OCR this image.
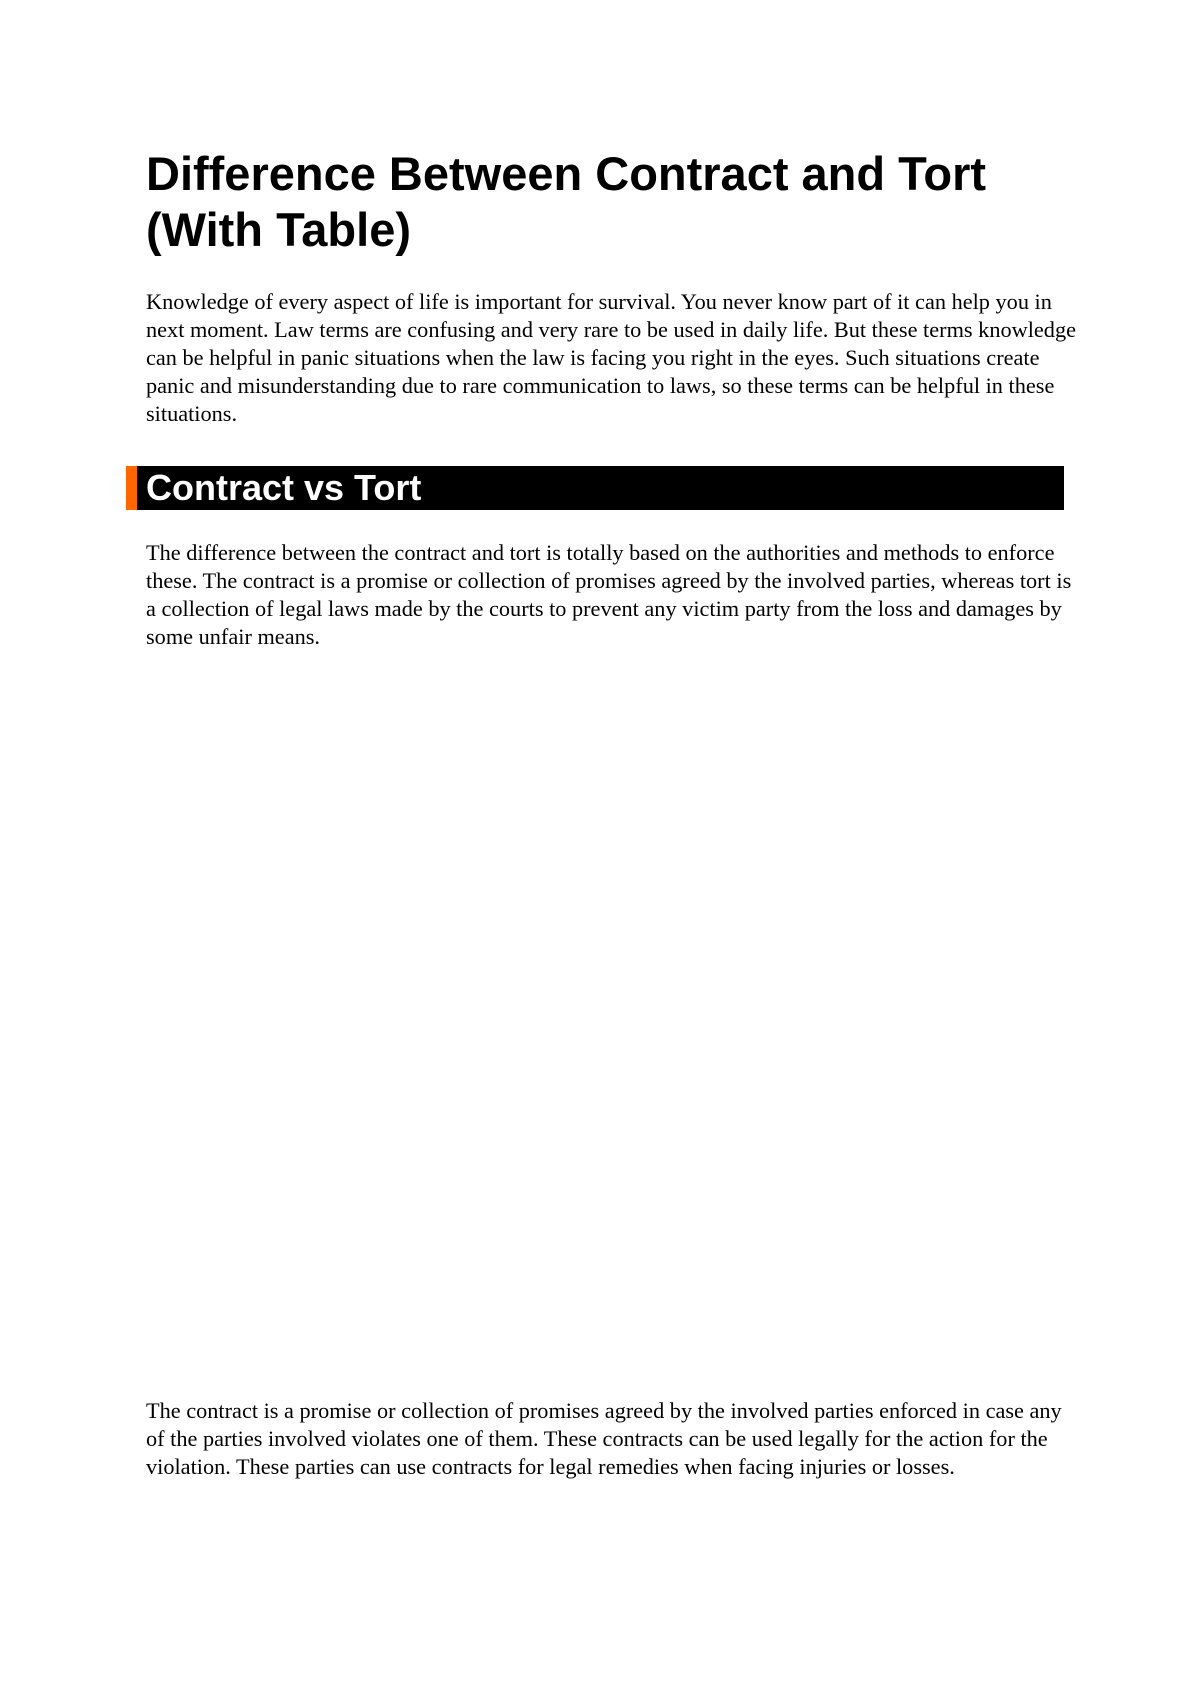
Difference Between Contract and Tort (With Table)

Knowledge of every aspect of life is important for survival. You never know part of it can help you in next moment. Law terms are confusing and very rare to be used in daily life. But these terms knowledge can be helpful in panic situations when the law is facing you right in the eyes. Such situations create panic and misunderstanding due to rare communication to laws, so these terms can be helpful in these situations.

Contract vs Tort

The difference between the contract and tort is totally based on the authorities and methods to enforce these. The contract is a promise or collection of promises agreed by the involved parties, whereas tort is a collection of legal laws made by the courts to prevent any victim party from the loss and damages by some unfair means.

The contract is a promise or collection of promises agreed by the involved parties enforced in case any of the parties involved violates one of them. These contracts can be used legally for the action for the violation. These parties can use contracts for legal remedies when facing injuries or losses.
